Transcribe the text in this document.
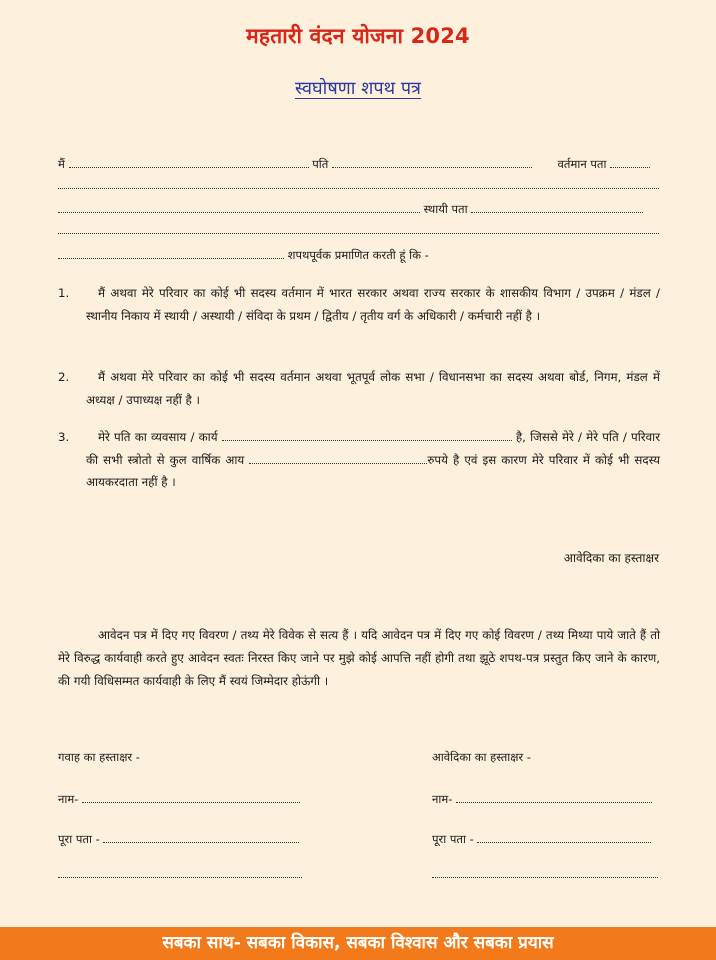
महतारी वंदन योजना 2024
स्वघोषणा शपथ पत्र
मैं	पति	वर्तमान पता
स्थायी पता
शपथपूर्वक प्रमाणित करती हूं कि -
1.	मैं अथवा मेरे परिवार का कोई भी सदस्य वर्तमान में भारत सरकार अथवा राज्य सरकार के शासकीय विभाग / उपक्रम / मंडल / स्थानीय निकाय में स्थायी / अस्थायी / संविदा के प्रथम / द्वितीय / तृतीय वर्ग के अधिकारी / कर्मचारी नहीं है ।
2.	मैं अथवा मेरे परिवार का कोई भी सदस्य वर्तमान अथवा भूतपूर्व लोक सभा / विधानसभा का सदस्य अथवा बोर्ड, निगम, मंडल में अध्यक्ष / उपाध्यक्ष नहीं है ।
3.	मेरे पति का व्यवसाय / कार्य	है, जिससे मेरे / मेरे पति / परिवार की सभी स्त्रोतो से कुल वार्षिक आय	रुपये है एवं इस कारण मेरे परिवार में कोई भी सदस्य आयकरदाता नहीं है ।
आवेदिका का हस्ताक्षर
आवेदन पत्र में दिए गए विवरण / तथ्य मेरे विवेक से सत्य हैं । यदि आवेदन पत्र में दिए गए कोई विवरण / तथ्य मिथ्या पाये जाते हैं तो मेरे विरुद्ध कार्यवाही करते हुए आवेदन स्वतः निरस्त किए जाने पर मुझे कोई आपत्ति नहीं होगी तथा झूठे शपथ-पत्र प्रस्तुत किए जाने के कारण, की गयी विधिसम्मत कार्यवाही के लिए मैं स्वयं जिम्मेदार होऊंगी ।
गवाह का हस्ताक्षर -	आवेदिका का हस्ताक्षर -
नाम-	नाम-
पूरा पता -	पूरा पता -
सबका साथ- सबका विकास, सबका विश्वास और सबका प्रयास
